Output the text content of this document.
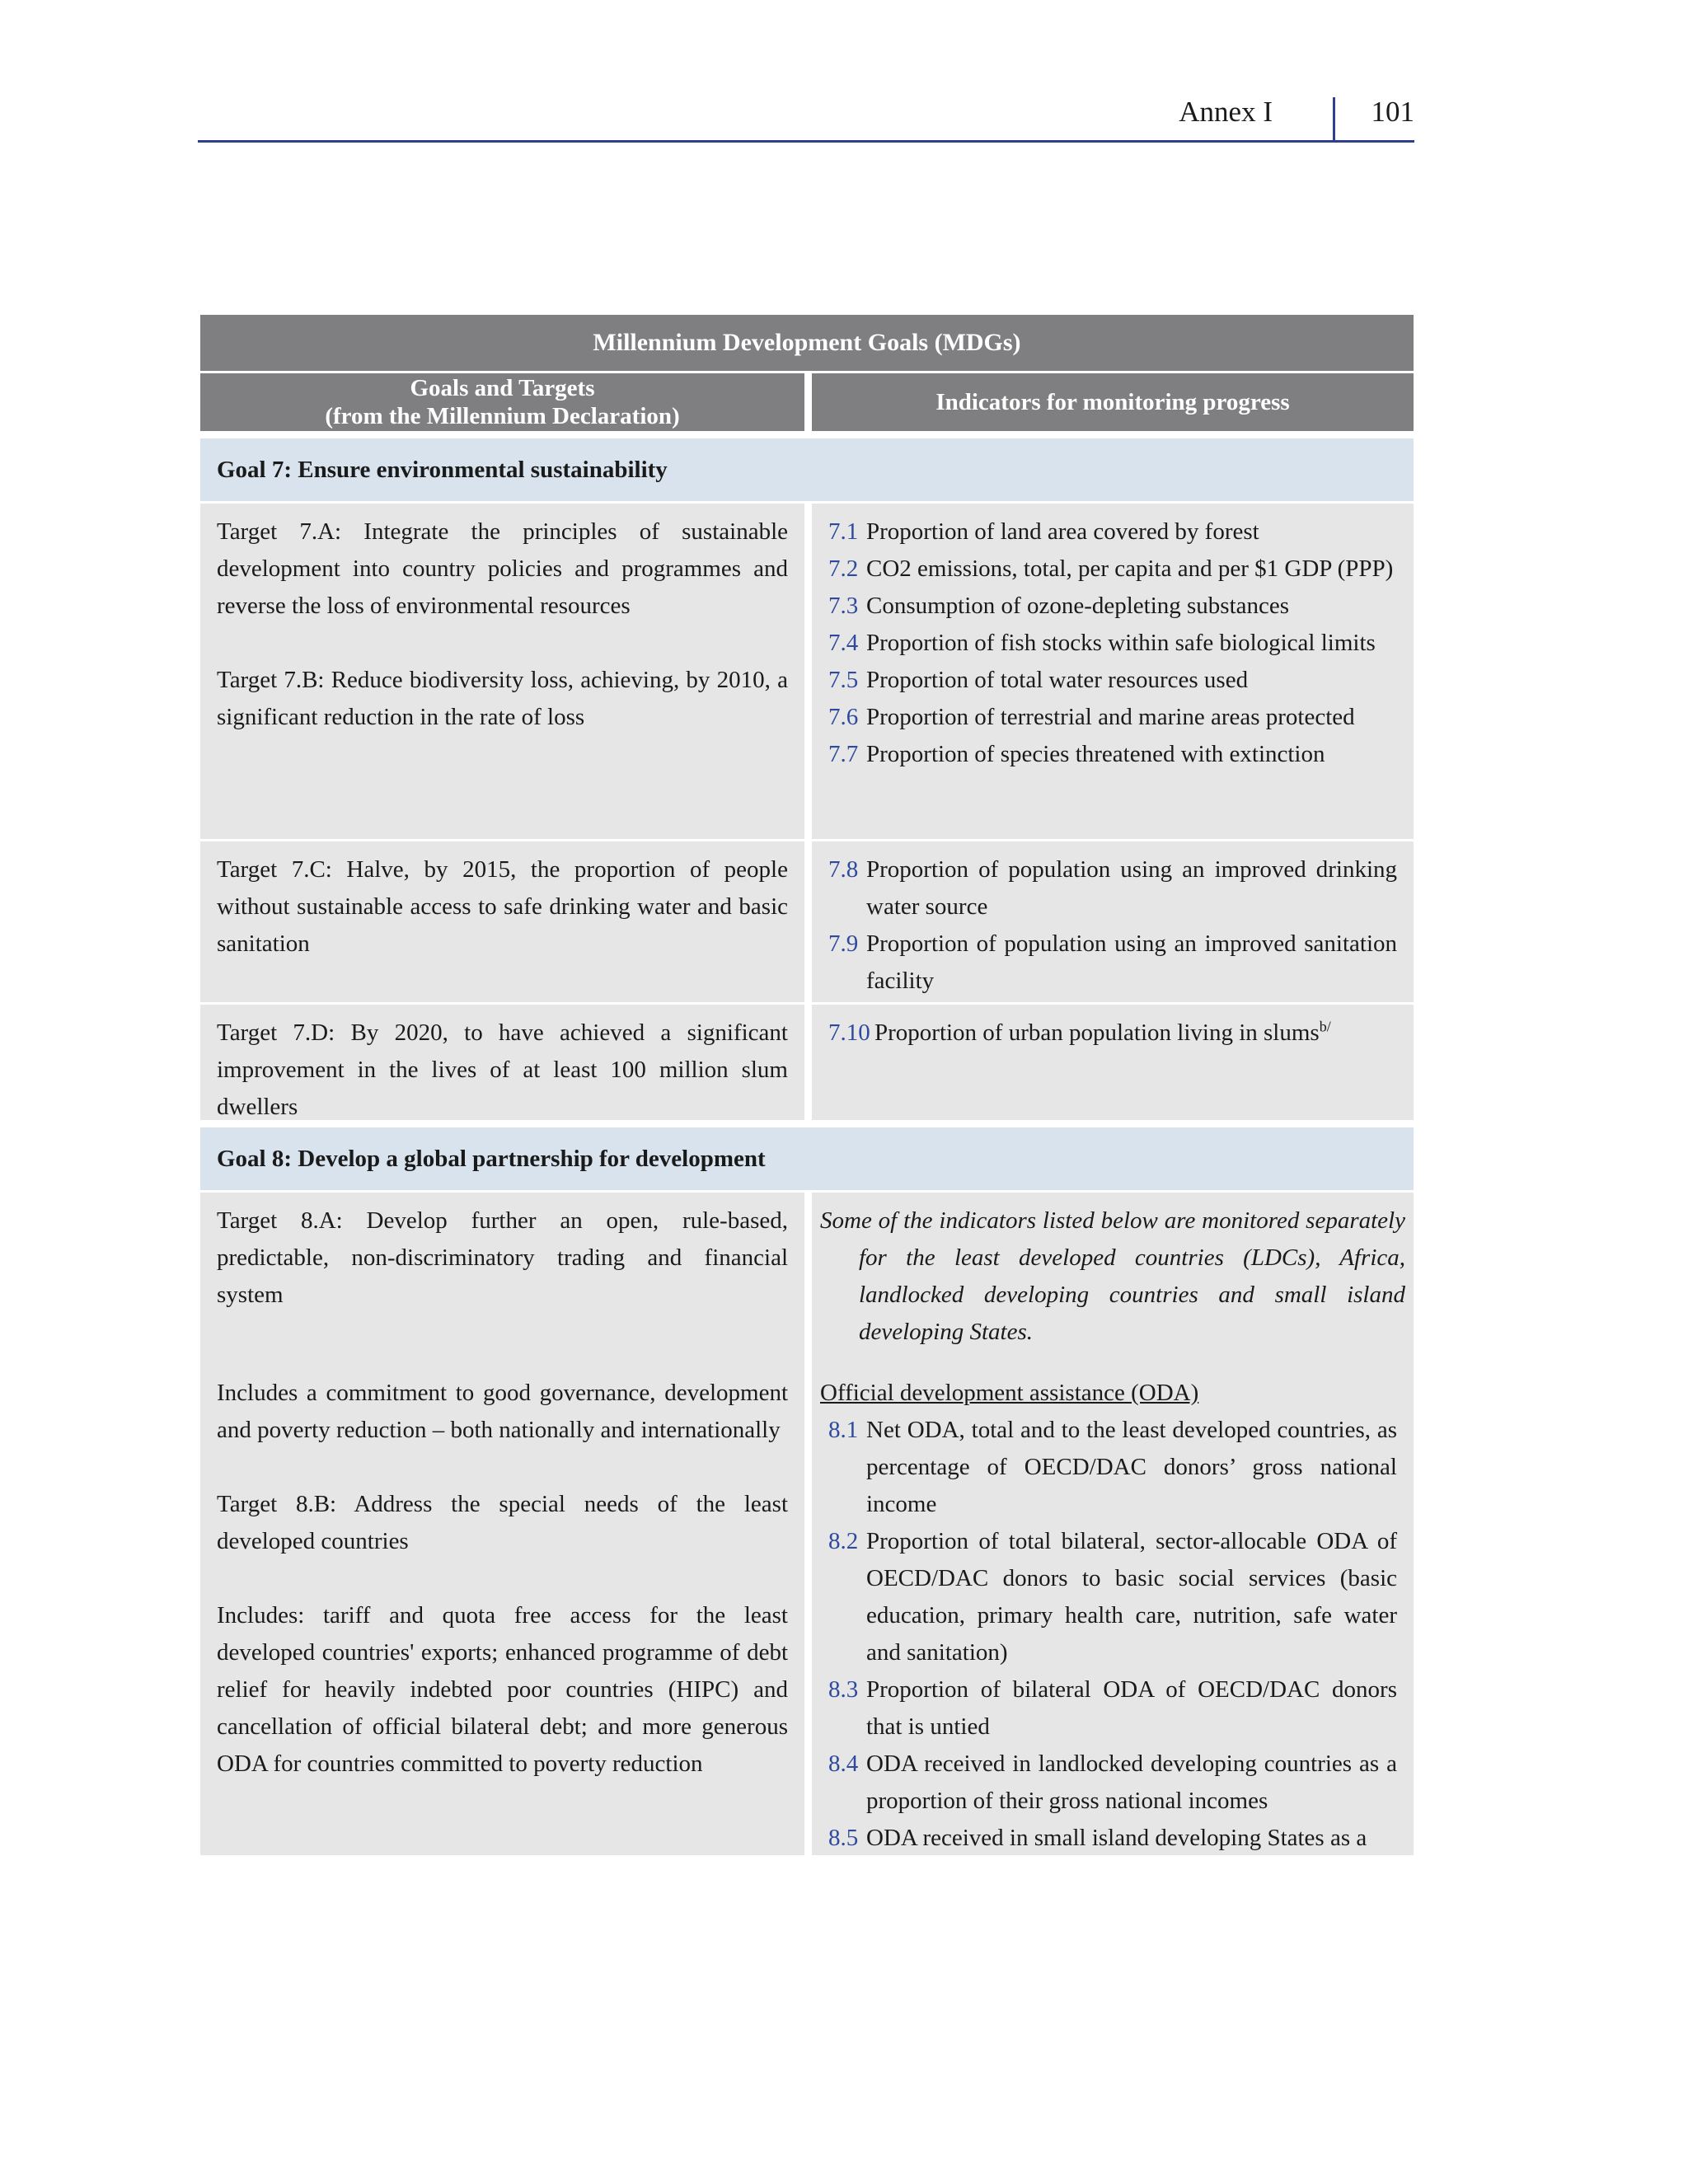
Annex I	101
Millennium Development Goals (MDGs)
Goals and Targets
(from the Millennium Declaration)
Indicators for monitoring progress
Goal 7: Ensure environmental sustainability

Target 7.A: Integrate the principles of sustainable development into country policies and programmes and reverse the loss of environmental resources

Target 7.B: Reduce biodiversity loss, achieving, by 2010, a significant reduction in the rate of loss

7.1 Proportion of land area covered by forest
7.2 CO2 emissions, total, per capita and per $1 GDP (PPP)
7.3 Consumption of ozone-depleting substances
7.4 Proportion of fish stocks within safe biological limits
7.5 Proportion of total water resources used
7.6 Proportion of terrestrial and marine areas protected
7.7 Proportion of species threatened with extinction

Target 7.C: Halve, by 2015, the proportion of people without sustainable access to safe drinking water and basic sanitation

7.8 Proportion of population using an improved drinking water source
7.9 Proportion of population using an improved sanitation facility

Target 7.D: By 2020, to have achieved a significant improvement in the lives of at least 100 million slum dwellers

7.10 Proportion of urban population living in slums$^{b/}$
Goal 8: Develop a global partnership for development

Target 8.A: Develop further an open, rule-based, predictable, non-discriminatory trading and financial system

Includes a commitment to good governance, development and poverty reduction – both nationally and internationally

Target 8.B: Address the special needs of the least developed countries

Includes: tariff and quota free access for the least developed countries' exports; enhanced programme of debt relief for heavily indebted poor countries (HIPC) and cancellation of official bilateral debt; and more generous ODA for countries committed to poverty reduction

Some of the indicators listed below are monitored separately for the least developed countries (LDCs), Africa, landlocked developing countries and small island developing States.

Official development assistance (ODA)

8.1 Net ODA, total and to the least developed countries, as percentage of OECD/DAC donors’ gross national income
8.2 Proportion of total bilateral, sector-allocable ODA of OECD/DAC donors to basic social services (basic education, primary health care, nutrition, safe water and sanitation)
8.3 Proportion of bilateral ODA of OECD/DAC donors that is untied
8.4 ODA received in landlocked developing countries as a proportion of their gross national incomes
8.5 ODA received in small island developing States as a
